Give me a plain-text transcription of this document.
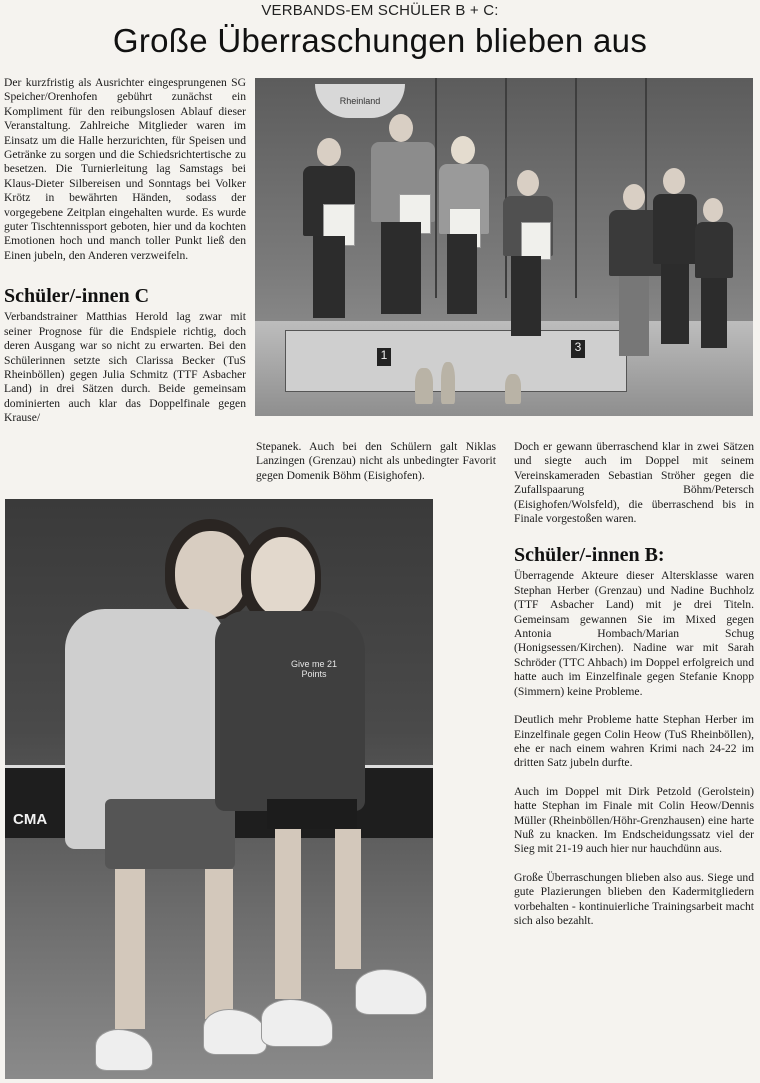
VERBANDS-EM SCHÜLER B + C:
Große Überraschungen blieben aus

Der kurzfristig als Ausrichter eingesprungenen SG Speicher/Orenhofen gebührt zunächst ein Kompliment für den reibungslosen Ablauf dieser Veranstaltung. Zahlreiche Mitglieder waren im Einsatz um die Halle herzurichten, für Speisen und Getränke zu sorgen und die Schiedsrichtertische zu besetzen. Die Turnierleitung lag Samstags bei Klaus-Dieter Silbereisen und Sonntags bei Volker Krötz in bewährten Händen, sodass der vorgegebene Zeitplan eingehalten wurde. Es wurde guter Tischtennissport geboten, hier und da kochten Emotionen hoch und manch toller Punkt ließ den Einen jubeln, den Anderen verzweifeln.

Schüler/-innen C

Verbandstrainer Matthias Herold lag zwar mit seiner Prognose für die Endspiele richtig, doch deren Ausgang war so nicht zu erwarten. Bei den Schülerinnen setzte sich Clarissa Becker (TuS Rheinböllen) gegen Julia Schmitz (TTF Asbacher Land) in drei Sätzen durch. Beide gemeinsam dominierten auch klar das Doppelfinale gegen Krause/

Stepanek. Auch bei den Schülern galt Niklas Lanzingen (Grenzau) nicht als unbedingter Favorit gegen Domenik Böhm (Eisighofen).

Doch er gewann überraschend klar in zwei Sätzen und siegte auch im Doppel mit seinem Vereinskameraden Sebastian Ströher gegen die Zufallspaarung Böhm/Petersch (Eisighofen/Wolsfeld), die überraschend bis in Finale vorgestoßen waren.

Schüler/-innen B:

Überragende Akteure dieser Altersklasse waren Stephan Herber (Grenzau) und Nadine Buchholz (TTF Asbacher Land) mit je drei Titeln. Gemeinsam gewannen Sie im Mixed gegen Antonia Hombach/Marian Schug (Honigsessen/Kirchen). Nadine war mit Sarah Schröder (TTC Ahbach) im Doppel erfolgreich und hatte auch im Einzelfinale gegen Stefanie Knopp (Simmern) keine Probleme.

Deutlich mehr Probleme hatte Stephan Herber im Einzelfinale gegen Colin Heow (TuS Rheinböllen), ehe er nach einem wahren Krimi nach 24-22 im dritten Satz jubeln durfte.

Auch im Doppel mit Dirk Petzold (Gerolstein) hatte Stephan im Finale mit Colin Heow/Dennis Müller (Rheinböllen/Höhr-Grenzhausen) eine harte Nuß zu knacken. Im Endscheidungssatz viel der Sieg mit 21-19 auch hier nur hauchdünn aus.

Große Überraschungen blieben also aus. Siege und gute Plazierungen blieben den Kadermitgliedern vorbehalten - kontinuierliche Trainingsarbeit macht sich also bezahlt.

Rheinland
1
3
CMA
Give me 21 Points
